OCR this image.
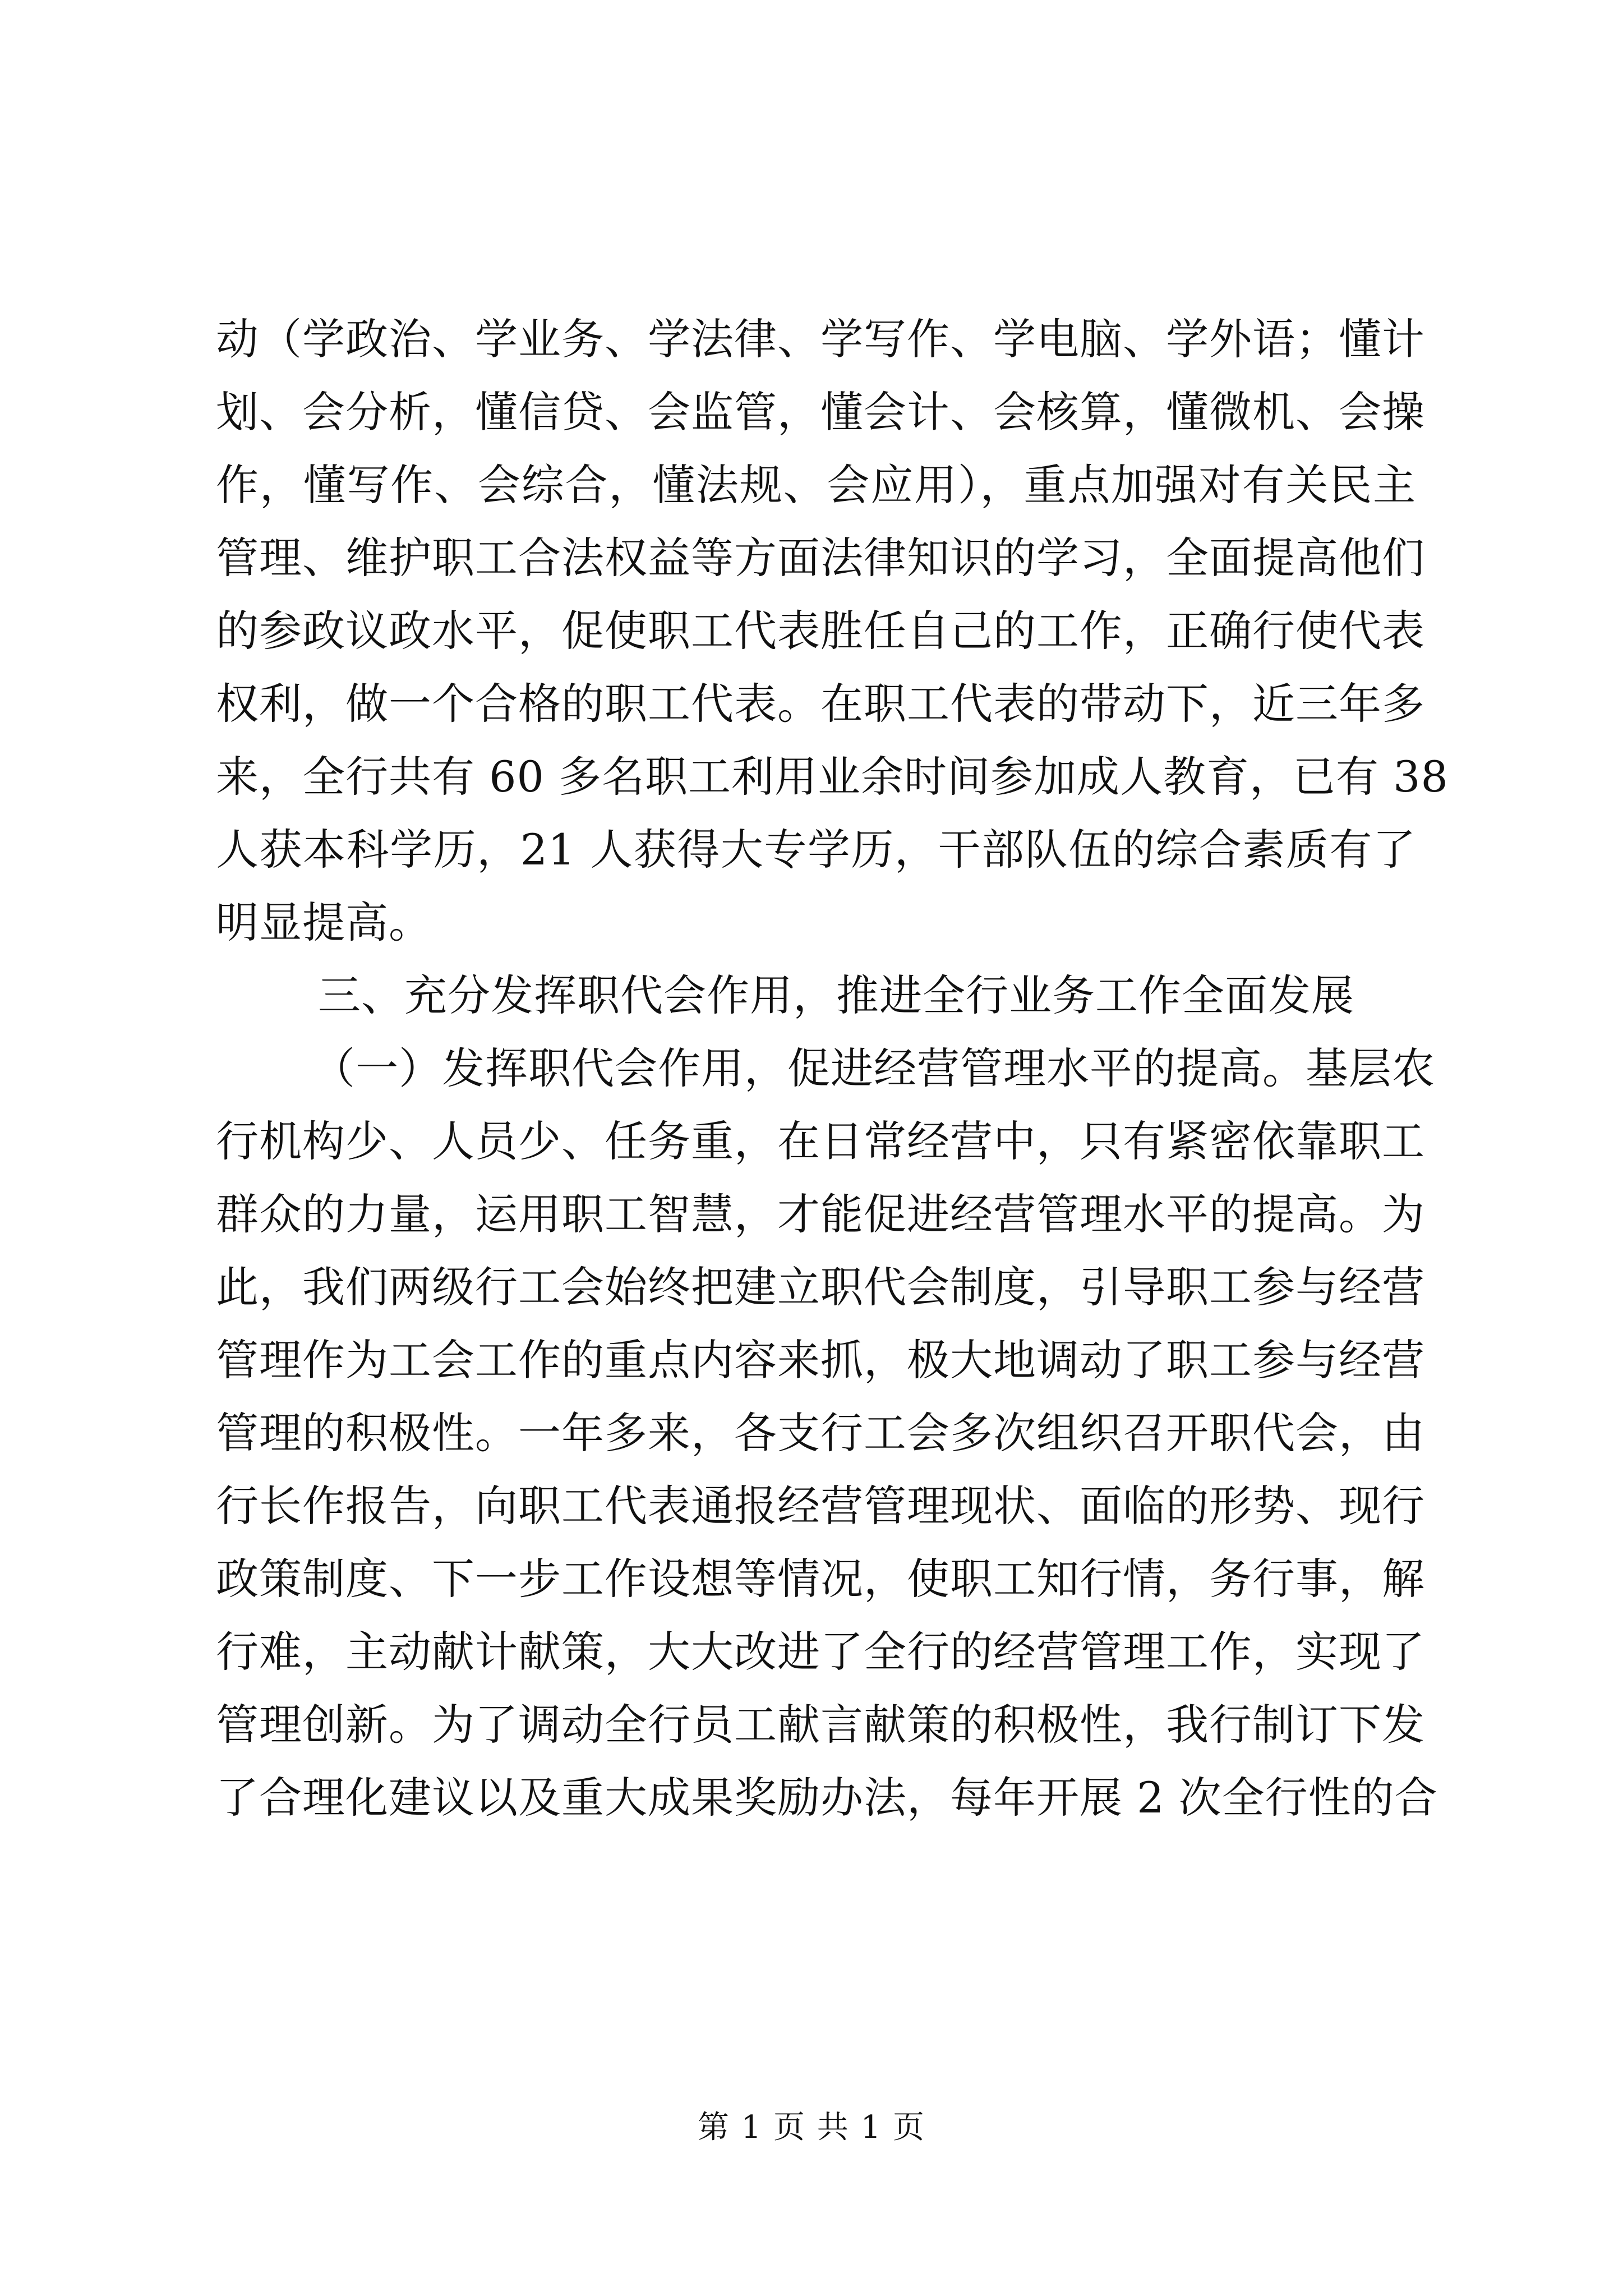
动（学政治、学业务、学法律、学写作、学电脑、学外语；懂计
划、会分析，懂信贷、会监管，懂会计、会核算，懂微机、会操
作，懂写作、会综合，懂法规、会应用），重点加强对有关民主
管理、维护职工合法权益等方面法律知识的学习，全面提高他们
的参政议政水平，促使职工代表胜任自己的工作，正确行使代表
权利，做一个合格的职工代表。在职工代表的带动下，近三年多
来，全行共有 60 多名职工利用业余时间参加成人教育，已有 38
人获本科学历，21 人获得大专学历，干部队伍的综合素质有了
明显提高。
三、充分发挥职代会作用，推进全行业务工作全面发展
（一）发挥职代会作用，促进经营管理水平的提高。基层农
行机构少、人员少、任务重，在日常经营中，只有紧密依靠职工
群众的力量，运用职工智慧，才能促进经营管理水平的提高。为
此，我们两级行工会始终把建立职代会制度，引导职工参与经营
管理作为工会工作的重点内容来抓，极大地调动了职工参与经营
管理的积极性。一年多来，各支行工会多次组织召开职代会，由
行长作报告，向职工代表通报经营管理现状、面临的形势、现行
政策制度、下一步工作设想等情况，使职工知行情，务行事，解
行难，主动献计献策，大大改进了全行的经营管理工作，实现了
管理创新。为了调动全行员工献言献策的积极性，我行制订下发
了合理化建议以及重大成果奖励办法，每年开展 2 次全行性的合
第 1 页 共 1 页
